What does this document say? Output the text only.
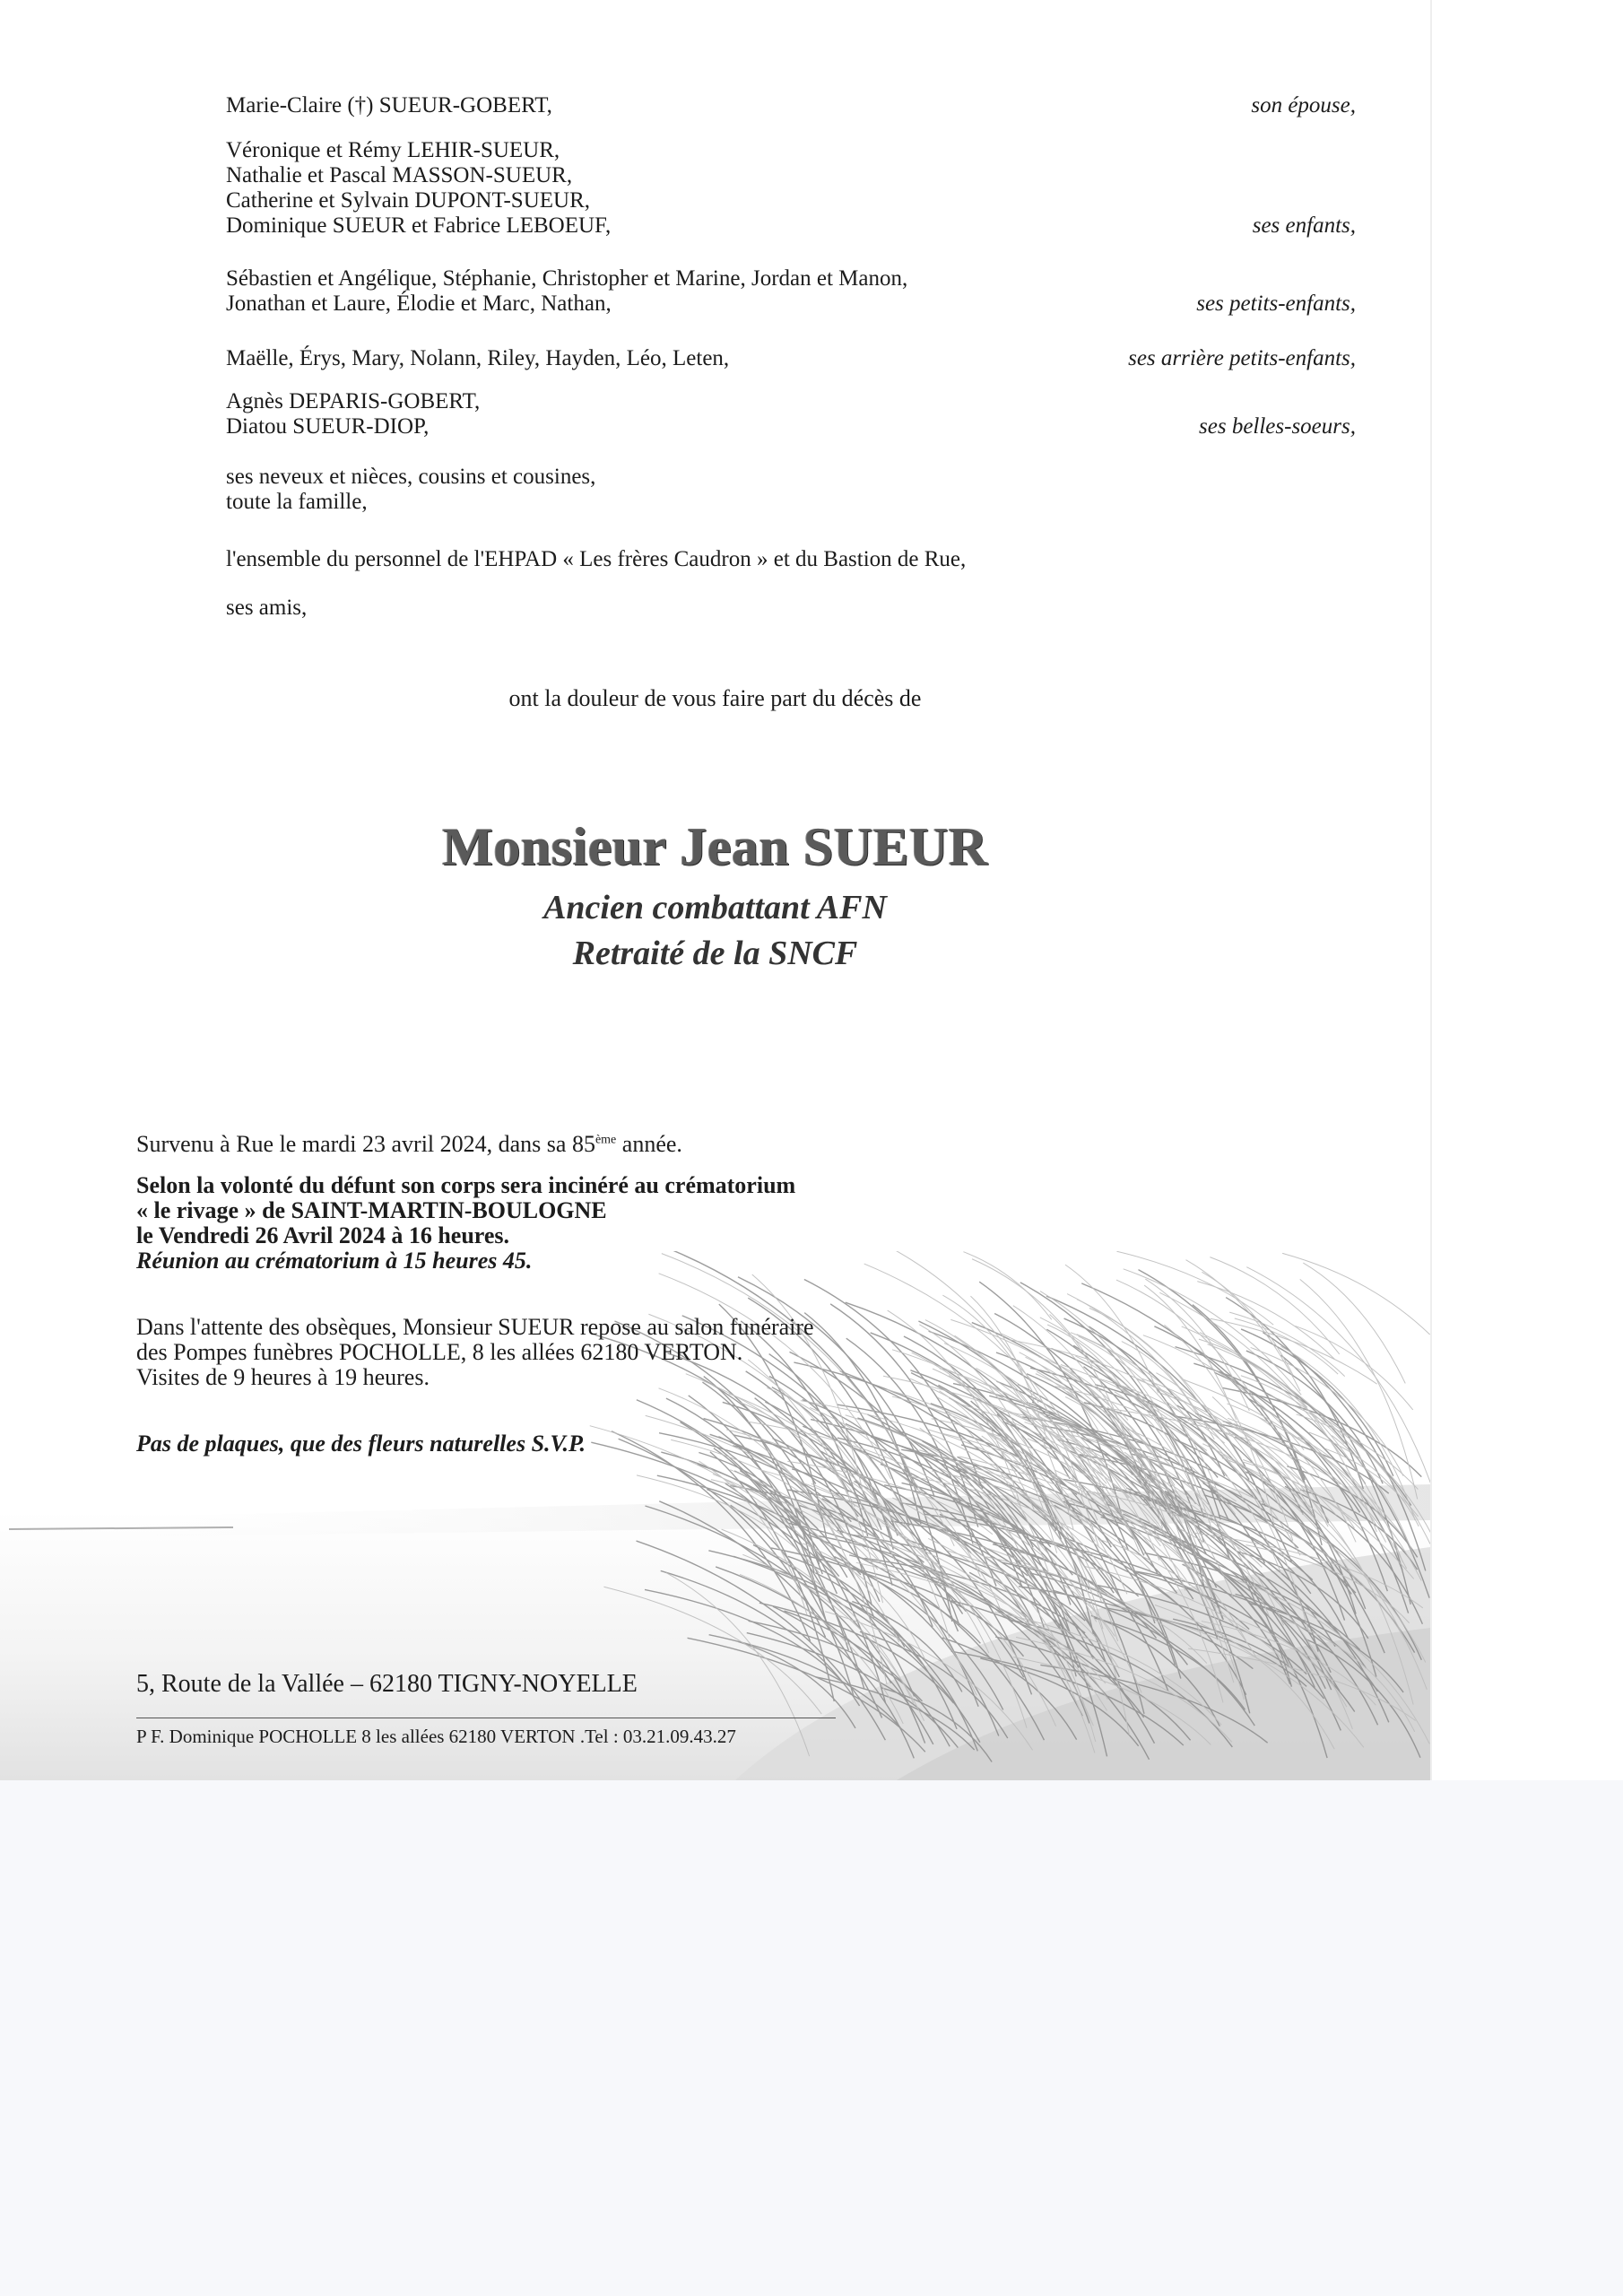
Marie-Claire (†) SUEUR-GOBERT,	son épouse,
Véronique et Rémy LEHIR-SUEUR,
Nathalie et Pascal MASSON-SUEUR,
Catherine et Sylvain DUPONT-SUEUR,
Dominique SUEUR et Fabrice LEBOEUF,	ses enfants,
Sébastien et Angélique, Stéphanie, Christopher et Marine, Jordan et Manon,
Jonathan et Laure, Élodie et Marc, Nathan,	ses petits-enfants,
Maëlle, Érys, Mary, Nolann, Riley, Hayden, Léo, Leten,	ses arrière petits-enfants,
Agnès DEPARIS-GOBERT,
Diatou SUEUR-DIOP,	ses belles-soeurs,
ses neveux et nièces, cousins et cousines,
toute la famille,
l'ensemble du personnel de l'EHPAD « Les frères Caudron » et du Bastion de Rue,
ses amis,
ont la douleur de vous faire part du décès de
Monsieur Jean SUEUR
Ancien combattant AFN
Retraité de la SNCF
Survenu à Rue le mardi 23 avril 2024, dans sa 85ème année.
Selon la volonté du défunt son corps sera incinéré au crématorium
« le rivage » de SAINT-MARTIN-BOULOGNE
le Vendredi 26 Avril 2024 à 16 heures.
Réunion au crématorium à 15 heures 45.
Dans l'attente des obsèques, Monsieur SUEUR repose au salon funéraire
des Pompes funèbres POCHOLLE, 8 les allées 62180 VERTON.
Visites de 9 heures à 19 heures.
Pas de plaques, que des fleurs naturelles S.V.P.
5, Route de la Vallée – 62180 TIGNY-NOYELLE
P F. Dominique POCHOLLE 8 les allées 62180 VERTON .Tel : 03.21.09.43.27
